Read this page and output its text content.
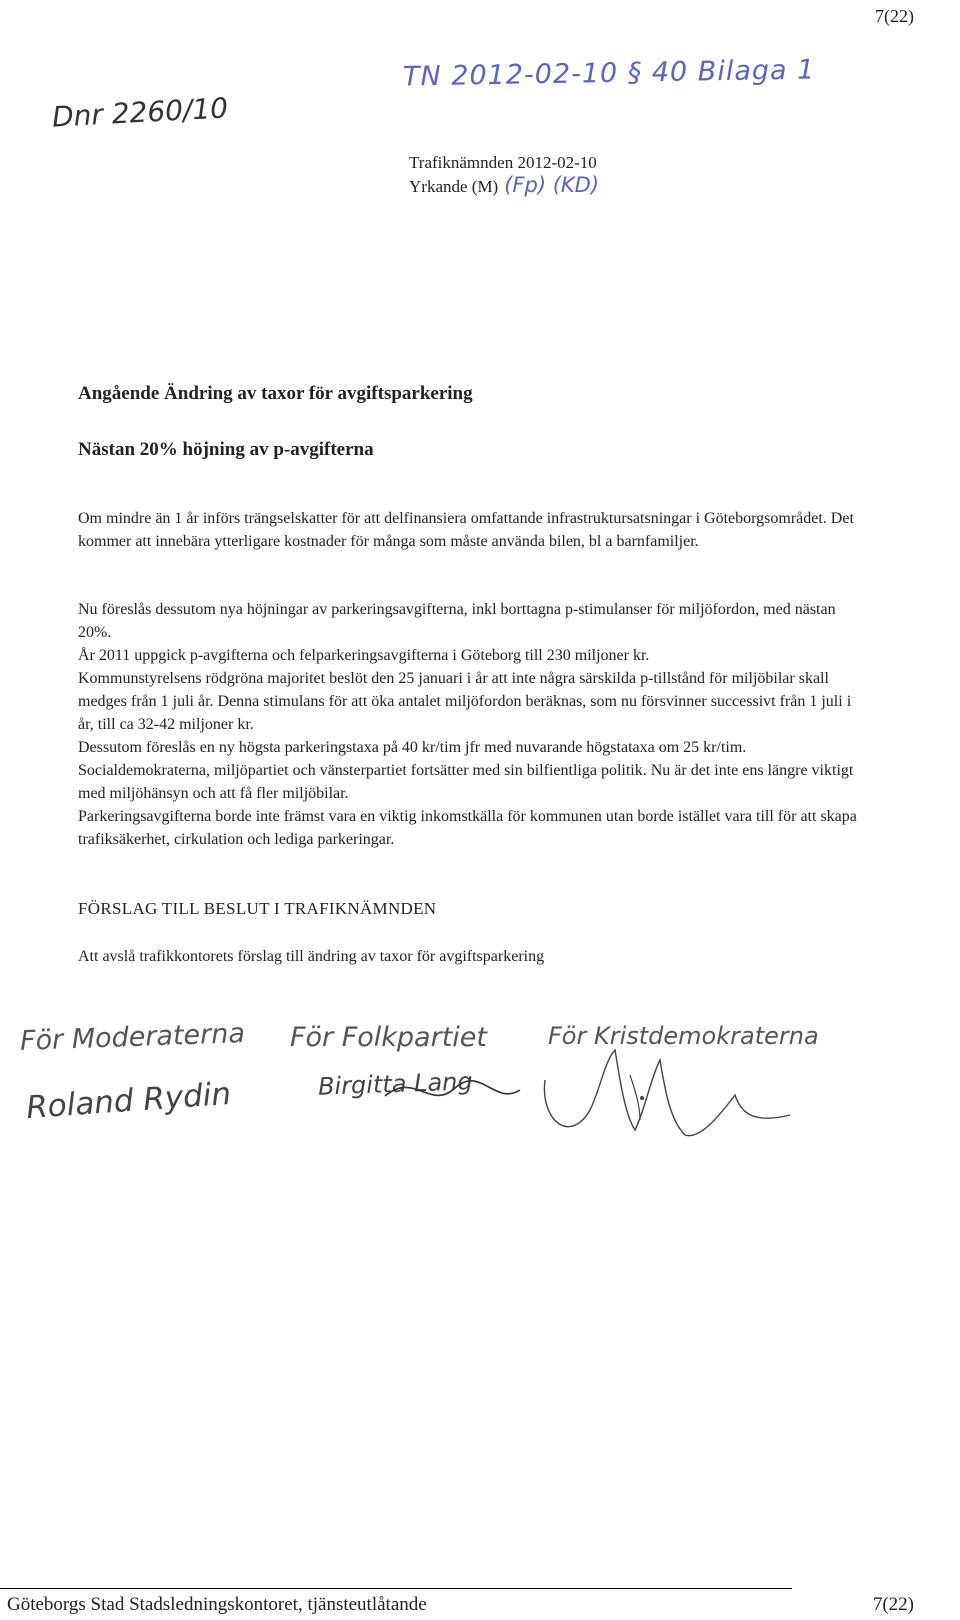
7(22)
TN 2012-02-10 § 40 Bilaga 1
Dnr 2260/10
Trafiknämnden 2012-02-10
Yrkande (M) (Fp) (KD)
Angående Ändring av taxor för avgiftsparkering
Nästan 20% höjning av p-avgifterna

Om mindre än 1 år införs trängselskatter för att delfinansiera omfattande infrastruktursatsningar i Göteborgsområdet. Det kommer att innebära ytterligare kostnader för många som måste använda bilen, bl a barnfamiljer.

Nu föreslås dessutom nya höjningar av parkeringsavgifterna, inkl borttagna p-stimulanser för miljöfordon, med nästan 20%.

År 2011 uppgick p-avgifterna och felparkeringsavgifterna i Göteborg till 230 miljoner kr.

Kommunstyrelsens rödgröna majoritet beslöt den 25 januari i år att inte några särskilda p-tillstånd för miljöbilar skall medges från 1 juli år. Denna stimulans för att öka antalet miljöfordon beräknas, som nu försvinner successivt från 1 juli i år, till ca 32-42 miljoner kr.

Dessutom föreslås en ny högsta parkeringstaxa på 40 kr/tim jfr med nuvarande högstataxa om 25 kr/tim.

Socialdemokraterna, miljöpartiet och vänsterpartiet fortsätter med sin bilfientliga politik. Nu är det inte ens längre viktigt med miljöhänsyn och att få fler miljöbilar.

Parkeringsavgifterna borde inte främst vara en viktig inkomstkälla för kommunen utan borde istället vara till för att skapa trafiksäkerhet, cirkulation och lediga parkeringar.

FÖRSLAG TILL BESLUT I TRAFIKNÄMNDEN
Att avslå trafikkontorets förslag till ändring av taxor för avgiftsparkering
För Moderaterna För Folkpartiet	För Kristdemokraterna
Roland Rydin	Birgitta Lang
Göteborgs Stad Stadsledningskontoret, tjänsteutlåtande	7(22)
